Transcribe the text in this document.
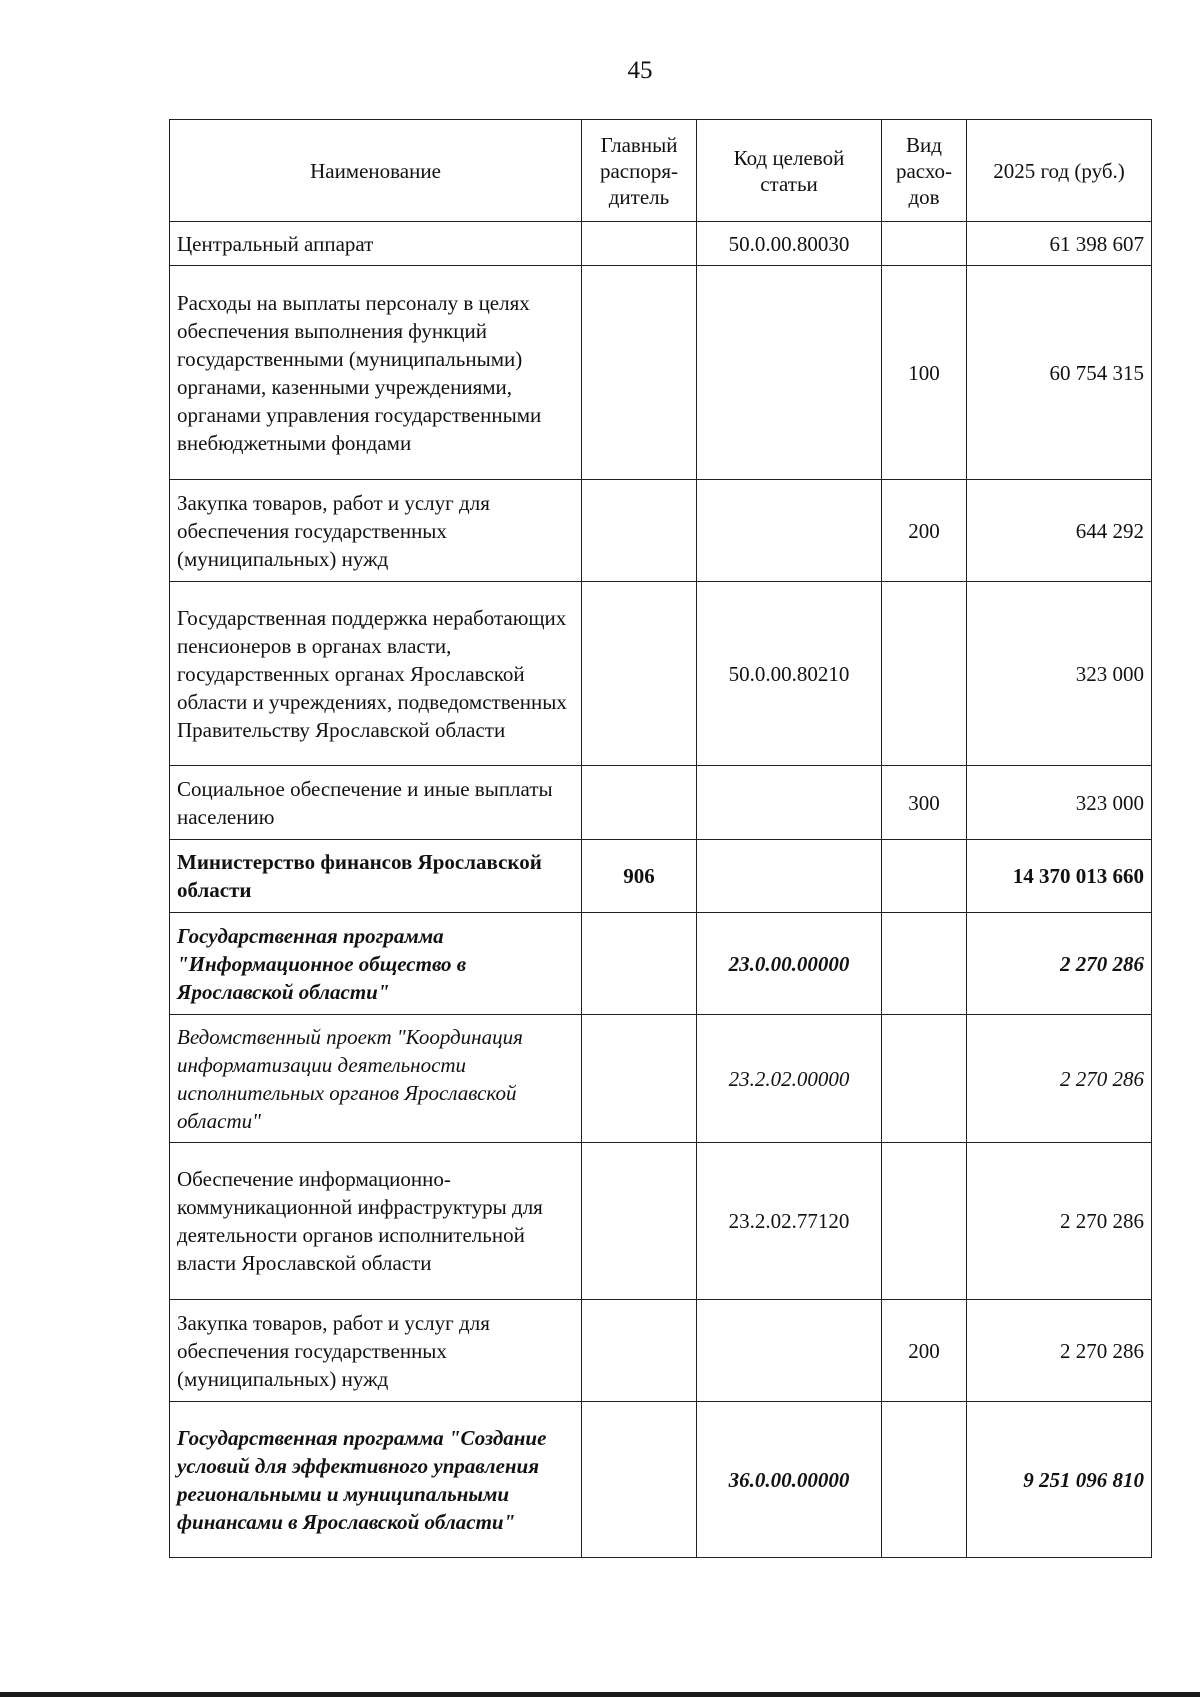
45
Наименование	Главный распоря-дитель	Код целевой статьи	Вид расхо-дов	2025 год (руб.)
Центральный аппарат		50.0.00.80030		61 398 607
Расходы на выплаты персоналу в целях обеспечения выполнения функций государственными (муниципальными) органами, казенными учреждениями, органами управления государственными внебюджетными фондами			100	60 754 315
Закупка товаров, работ и услуг для обеспечения государственных (муниципальных) нужд			200	644 292
Государственная поддержка неработающих пенсионеров в органах власти, государственных органах Ярославской области и учреждениях, подведомственных Правительству Ярославской области		50.0.00.80210		323 000
Социальное обеспечение и иные выплаты населению			300	323 000
Министерство финансов Ярославской области	906			14 370 013 660
Государственная программа "Информационное общество в Ярославской области"		23.0.00.00000		2 270 286
Ведомственный проект "Координация информатизации деятельности исполнительных органов Ярославской области"		23.2.02.00000		2 270 286
Обеспечение информационно-коммуникационной инфраструктуры для деятельности органов исполнительной власти Ярославской области		23.2.02.77120		2 270 286
Закупка товаров, работ и услуг для обеспечения государственных (муниципальных) нужд			200	2 270 286
Государственная программа "Создание условий для эффективного управления региональными и муниципальными финансами в Ярославской области"		36.0.00.00000		9 251 096 810
